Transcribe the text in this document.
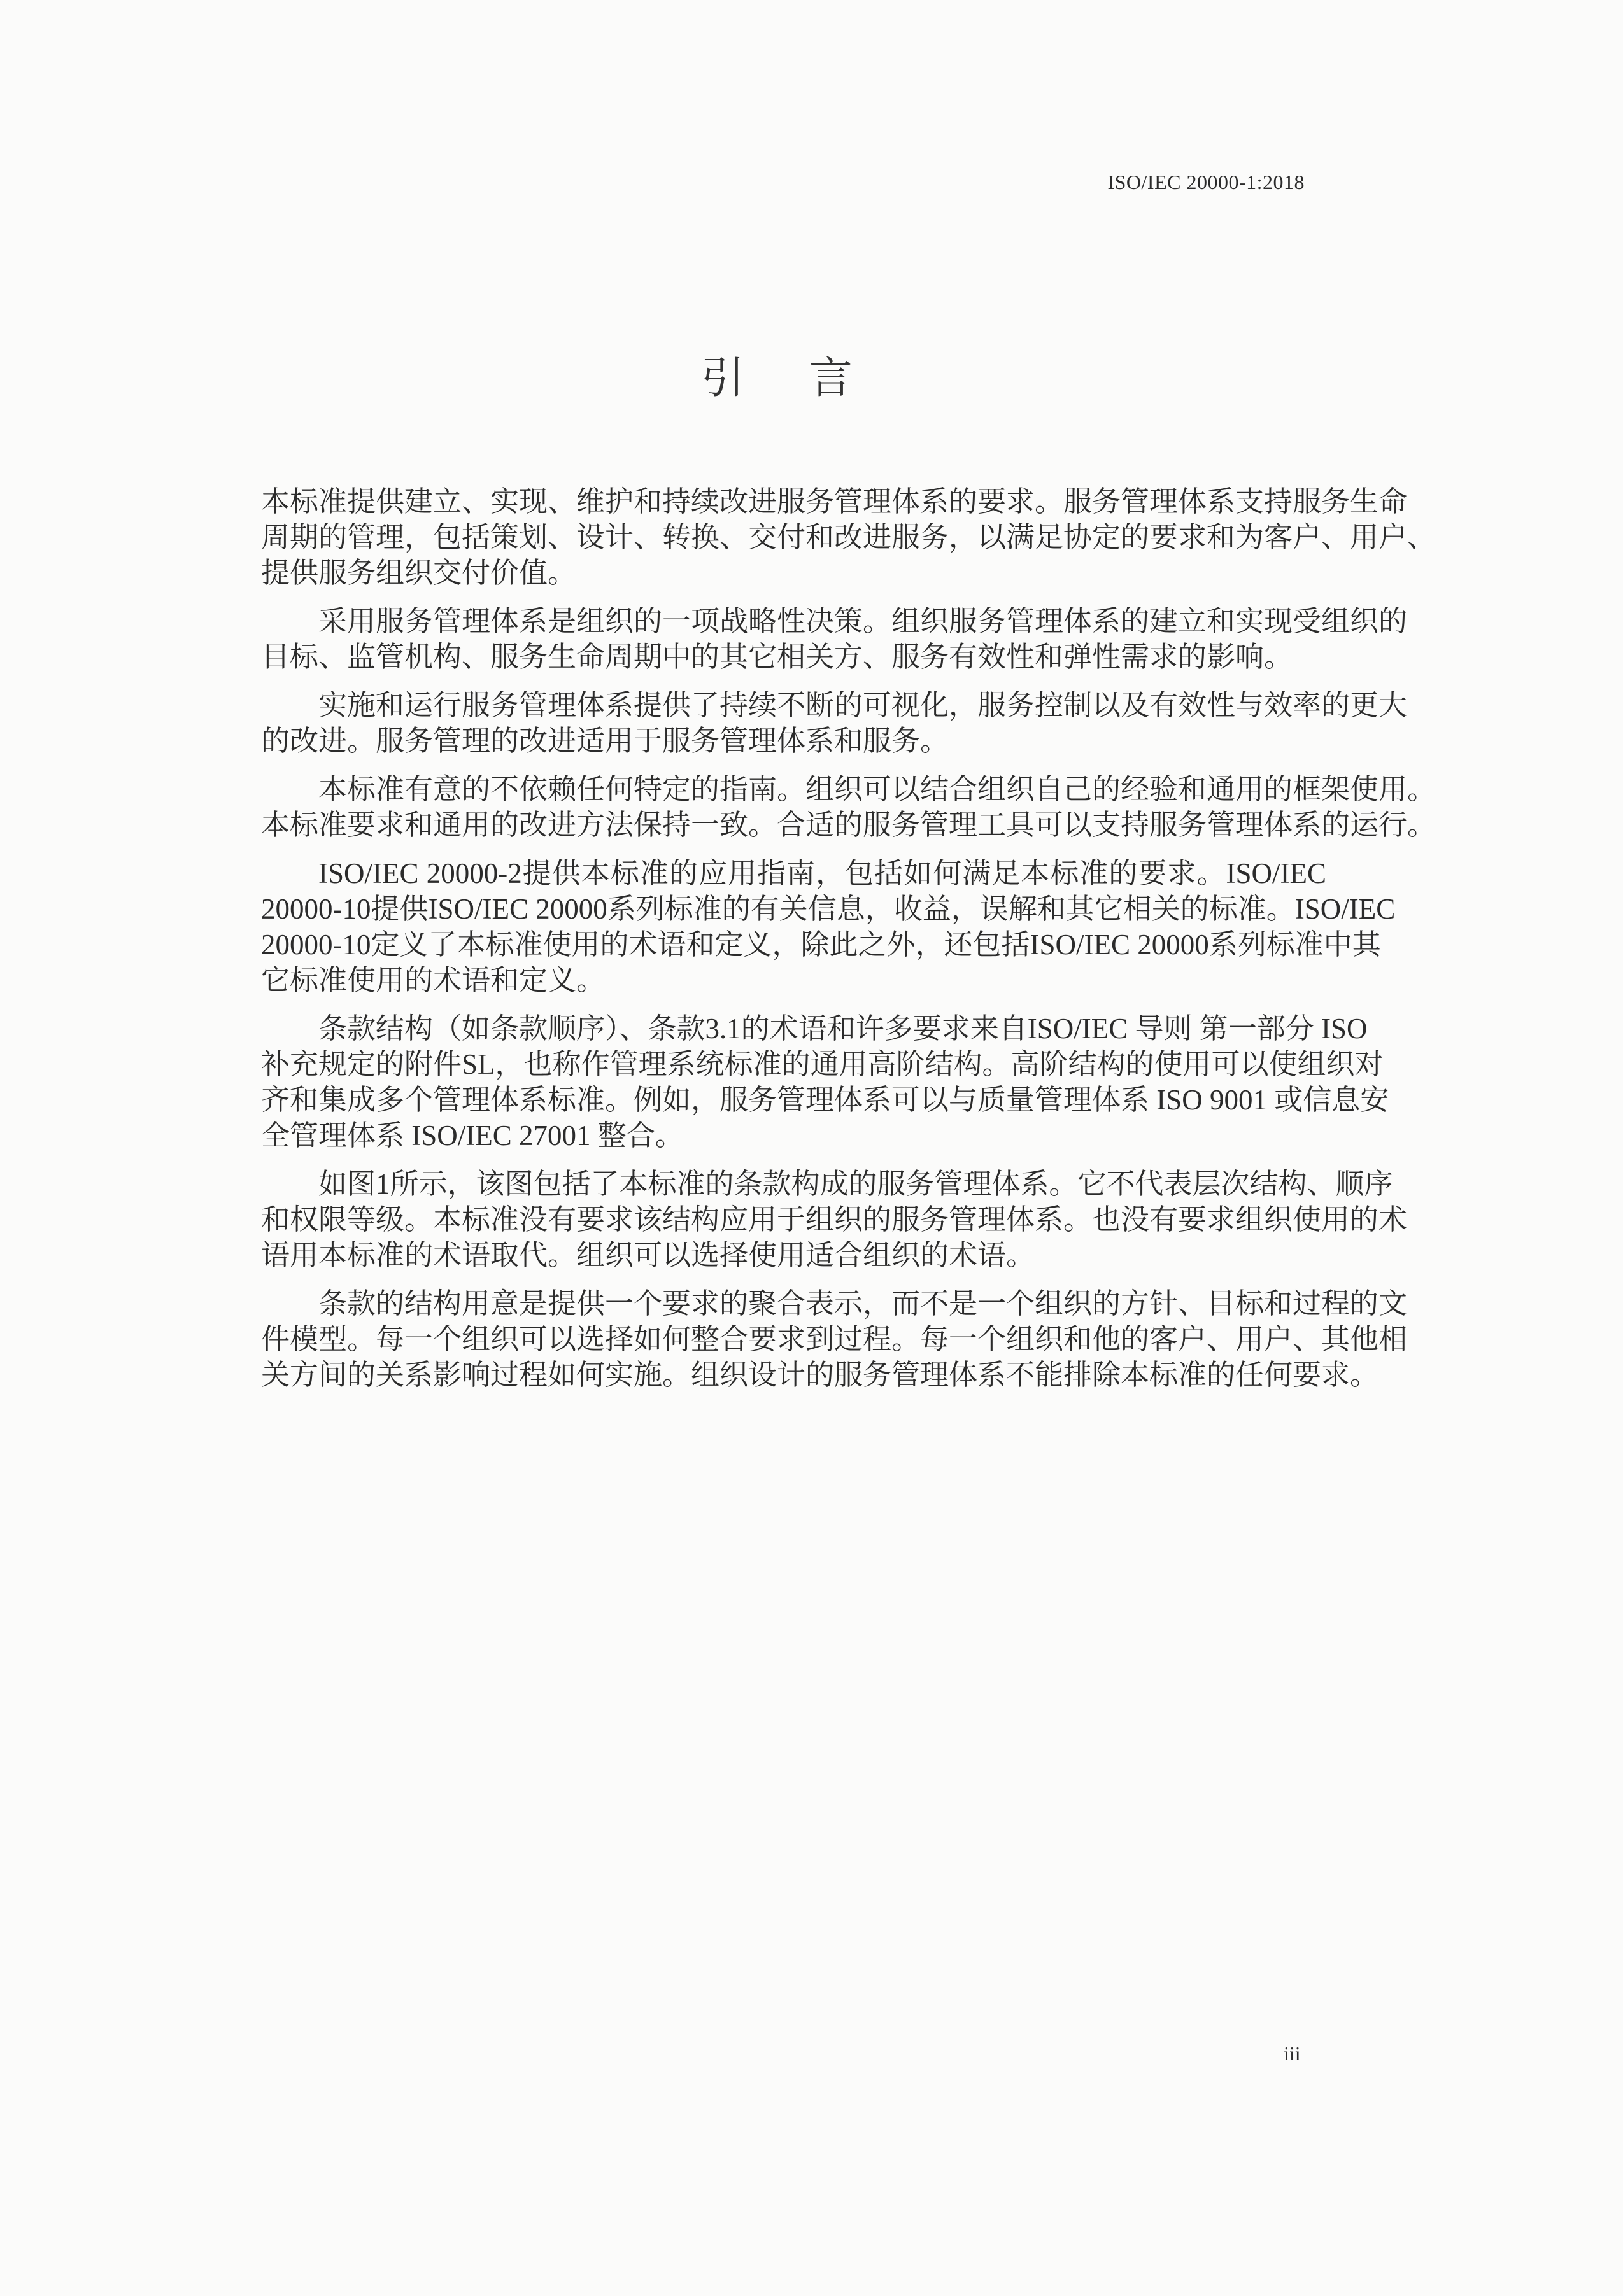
ISO/IEC 20000-1:2018
引 言
本标准提供建立、实现、维护和持续改进服务管理体系的要求。服务管理体系支持服务生命
周期的管理，包括策划、设计、转换、交付和改进服务，以满足协定的要求和为客户、用户、
提供服务组织交付价值。
采用服务管理体系是组织的一项战略性决策。组织服务管理体系的建立和实现受组织的
目标、监管机构、服务生命周期中的其它相关方、服务有效性和弹性需求的影响。
实施和运行服务管理体系提供了持续不断的可视化，服务控制以及有效性与效率的更大
的改进。服务管理的改进适用于服务管理体系和服务。
本标准有意的不依赖任何特定的指南。组织可以结合组织自己的经验和通用的框架使用。
本标准要求和通用的改进方法保持一致。合适的服务管理工具可以支持服务管理体系的运行。
ISO/IEC 20000-2提供本标准的应用指南，包括如何满足本标准的要求。ISO/IEC
20000-10提供ISO/IEC 20000系列标准的有关信息，收益，误解和其它相关的标准。ISO/IEC
20000-10定义了本标准使用的术语和定义，除此之外，还包括ISO/IEC 20000系列标准中其
它标准使用的术语和定义。
条款结构（如条款顺序）、条款3.1的术语和许多要求来自ISO/IEC 导则 第一部分 ISO
补充规定的附件SL，也称作管理系统标准的通用高阶结构。高阶结构的使用可以使组织对
齐和集成多个管理体系标准。例如，服务管理体系可以与质量管理体系 ISO 9001 或信息安
全管理体系 ISO/IEC 27001 整合。
如图1所示，该图包括了本标准的条款构成的服务管理体系。它不代表层次结构、顺序
和权限等级。本标准没有要求该结构应用于组织的服务管理体系。也没有要求组织使用的术
语用本标准的术语取代。组织可以选择使用适合组织的术语。
条款的结构用意是提供一个要求的聚合表示，而不是一个组织的方针、目标和过程的文
件模型。每一个组织可以选择如何整合要求到过程。每一个组织和他的客户、用户、其他相
关方间的关系影响过程如何实施。组织设计的服务管理体系不能排除本标准的任何要求。
iii
